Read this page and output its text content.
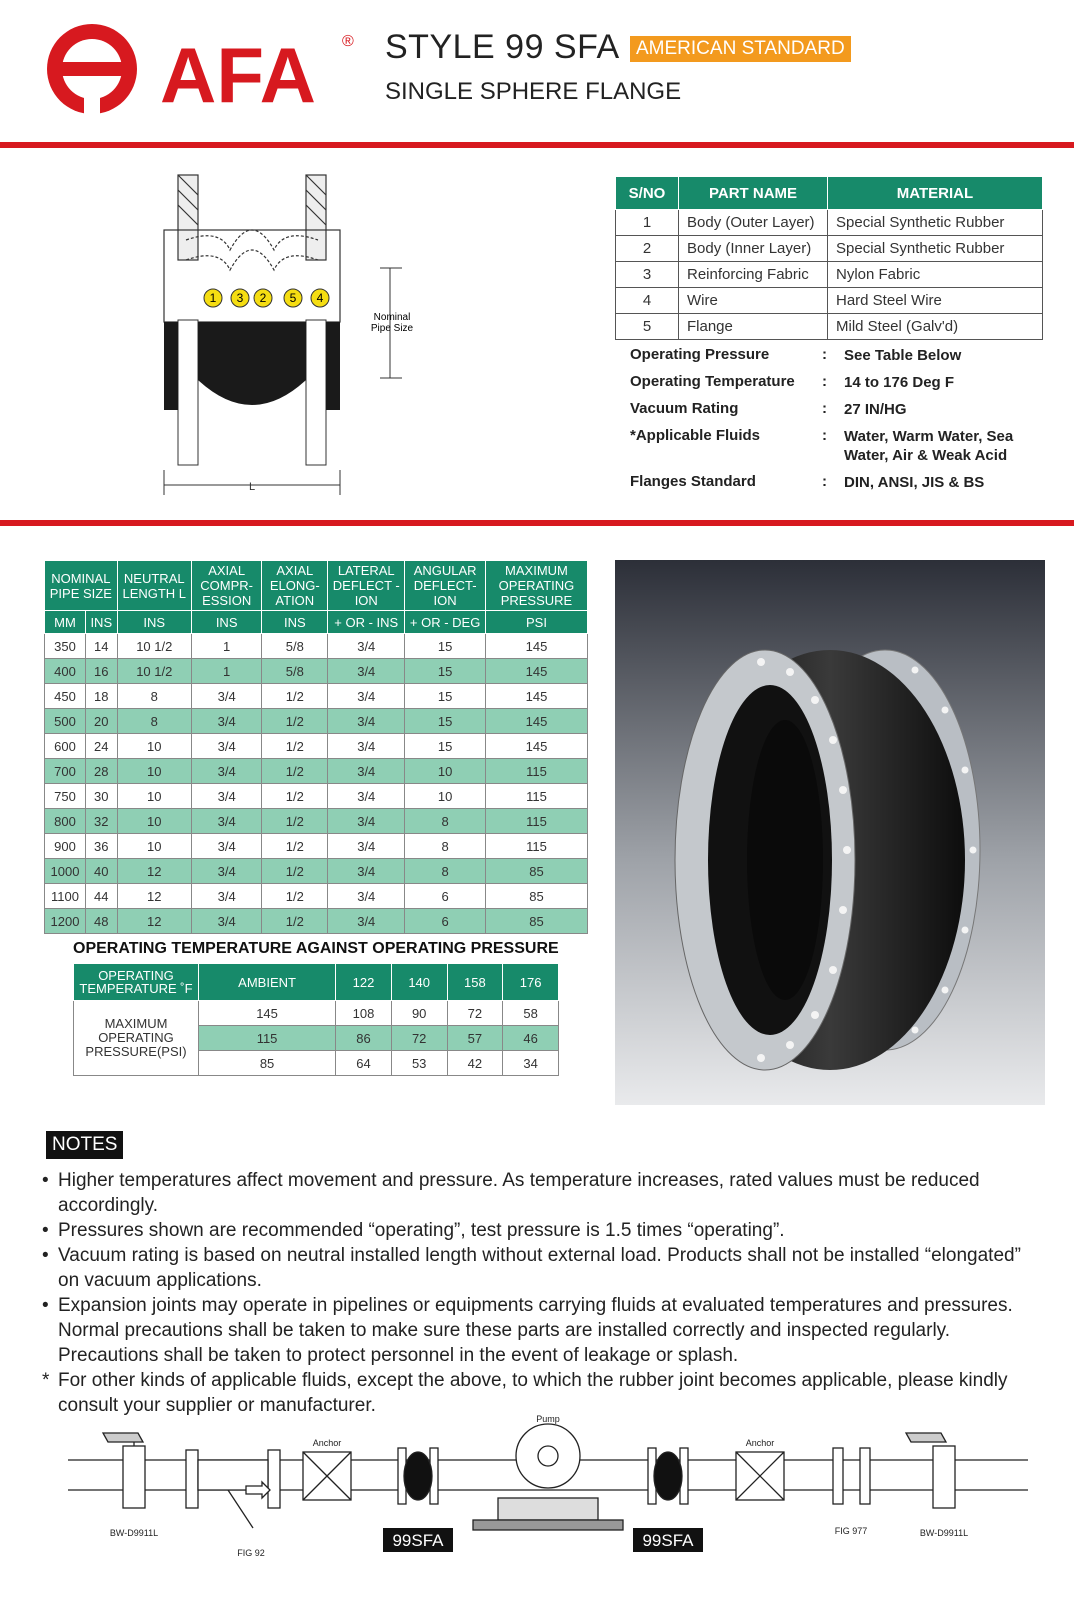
AFA ® STYLE 99 SFA AMERICAN STANDARD
SINGLE SPHERE FLANGE
1 3 2 5 4
Nominal
Pipe Size
L
S/NO	PART NAME	MATERIAL
1	Body (Outer Layer)	Special Synthetic Rubber
2	Body (Inner Layer)	Special Synthetic Rubber
3	Reinforcing Fabric	Nylon Fabric
4	Wire	Hard Steel Wire
5	Flange	Mild Steel (Galv'd)
Operating Pressure	:	See Table Below
Operating Temperature	:	14 to 176 Deg F
Vacuum Rating	:	27 IN/HG
*Applicable Fluids	:	Water, Warm Water, Sea Water, Air & Weak Acid
Flanges Standard	:	DIN, ANSI, JIS & BS
NOMINAL PIPE SIZE		NEUTRAL LENGTH L	AXIAL COMPR-ESSION	AXIAL ELONG-ATION	LATERAL DEFLECT -ION	ANGULAR DEFLECT-ION	MAXIMUM OPERATING PRESSURE
MM	INS	INS	INS	INS	+ OR - INS	+ OR - DEG	PSI
350	14	10 1/2	1	5/8	3/4	15	145
400	16	10 1/2	1	5/8	3/4	15	145
450	18	8	3/4	1/2	3/4	15	145
500	20	8	3/4	1/2	3/4	15	145
600	24	10	3/4	1/2	3/4	15	145
700	28	10	3/4	1/2	3/4	10	115
750	30	10	3/4	1/2	3/4	10	115
800	32	10	3/4	1/2	3/4	8	115
900	36	10	3/4	1/2	3/4	8	115
1000	40	12	3/4	1/2	3/4	8	85
1100	44	12	3/4	1/2	3/4	6	85
1200	48	12	3/4	1/2	3/4	6	85
OPERATING TEMPERATURE AGAINST OPERATING PRESSURE
OPERATING TEMPERATURE ˚F	AMBIENT	122	140	158	176
MAXIMUM OPERATING PRESSURE(PSI)	145	108	90	72	58
	115	86	72	57	46
	85	64	53	42	34
NOTES
• Higher temperatures affect movement and pressure. As temperature increases, rated values must be reduced accordingly.
• Pressures shown are recommended “operating”, test pressure is 1.5 times “operating”.
• Vacuum rating is based on neutral installed length without external load. Products shall not be installed “elongated” on vacuum applications.
• Expansion joints may operate in pipelines or equipments carrying fluids at evaluated temperatures and pressures. Normal precautions shall be taken to make sure these parts are installed correctly and inspected regularly. Precautions shall be taken to protect personnel in the event of leakage or splash.
* For other kinds of applicable fluids, except the above, to which the rubber joint becomes applicable, please kindly consult your supplier or manufacturer.
BW-D9911L
FIG 92
Anchor
Pump
Anchor
FIG 977	BW-D9911L
99SFA	99SFA
